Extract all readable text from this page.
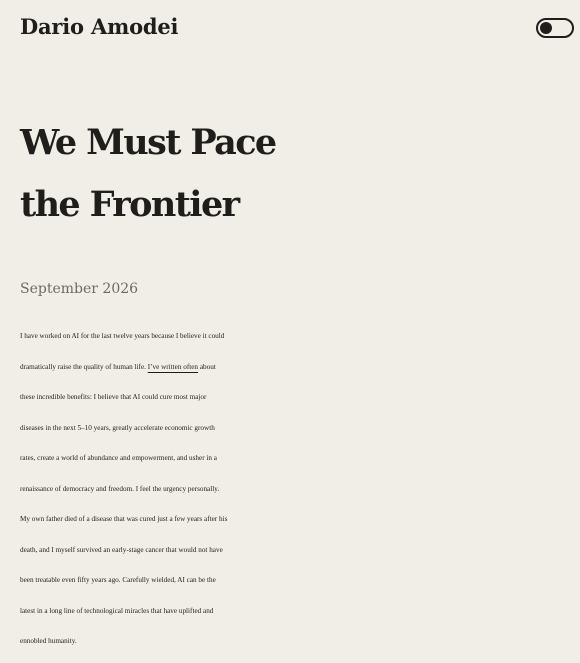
Dario Amodei
We Must Pace
the Frontier
September 2026

I have worked on AI for the last twelve years because I believe it could
dramatically raise the quality of human life. I’ve written often about
these incredible benefits: I believe that AI could cure most major
diseases in the next 5–10 years, greatly accelerate economic growth
rates, create a world of abundance and empowerment, and usher in a
renaissance of democracy and freedom. I feel the urgency personally.
My own father died of a disease that was cured just a few years after his
death, and I myself survived an early-stage cancer that would not have
been treatable even fifty years ago. Carefully wielded, AI can be the
latest in a long line of technological miracles that have uplifted and
ennobled humanity.
